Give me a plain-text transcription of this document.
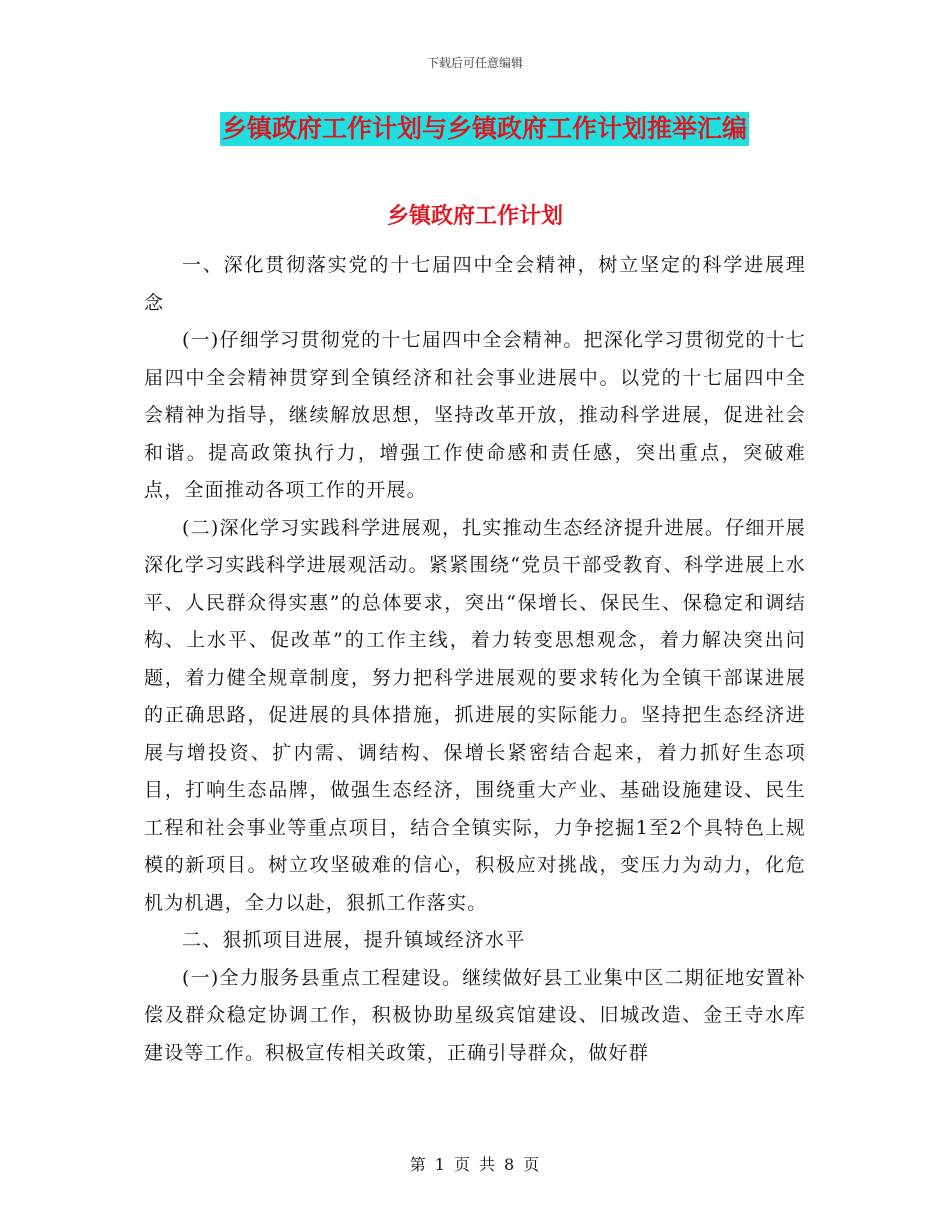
下载后可任意编辑
乡镇政府工作计划与乡镇政府工作计划推举汇编
乡镇政府工作计划

一、深化贯彻落实党的十七届四中全会精神，树立坚定的科学进展理念

(一)仔细学习贯彻党的十七届四中全会精神。把深化学习贯彻党的十七届四中全会精神贯穿到全镇经济和社会事业进展中。以党的十七届四中全会精神为指导，继续解放思想，坚持改革开放，推动科学进展，促进社会和谐。提高政策执行力，增强工作使命感和责任感，突出重点，突破难点，全面推动各项工作的开展。

(二)深化学习实践科学进展观，扎实推动生态经济提升进展。仔细开展深化学习实践科学进展观活动。紧紧围绕“党员干部受教育、科学进展上水平、人民群众得实惠”的总体要求，突出“保增长、保民生、保稳定和调结构、上水平、促改革”的工作主线，着力转变思想观念，着力解决突出问题，着力健全规章制度，努力把科学进展观的要求转化为全镇干部谋进展的正确思路，促进展的具体措施，抓进展的实际能力。坚持把生态经济进展与增投资、扩内需、调结构、保增长紧密结合起来，着力抓好生态项目，打响生态品牌，做强生态经济，围绕重大产业、基础设施建设、民生工程和社会事业等重点项目，结合全镇实际，力争挖掘1至2个具特色上规模的新项目。树立攻坚破难的信心，积极应对挑战，变压力为动力，化危机为机遇，全力以赴，狠抓工作落实。

二、狠抓项目进展，提升镇域经济水平

(一)全力服务县重点工程建设。继续做好县工业集中区二期征地安置补偿及群众稳定协调工作，积极协助星级宾馆建设、旧城改造、金王寺水库建设等工作。积极宣传相关政策，正确引导群众，做好群

第 1 页 共 8 页
